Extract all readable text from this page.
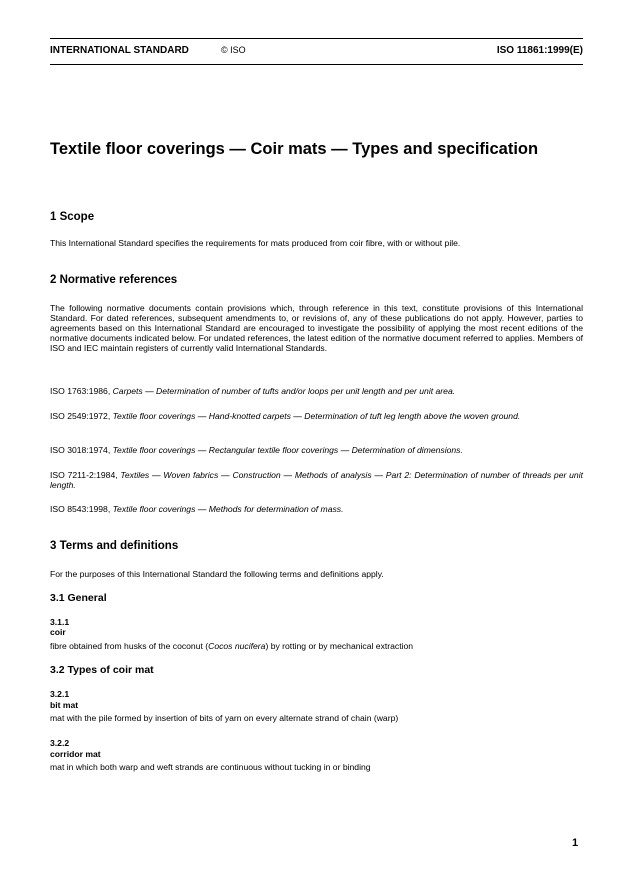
INTERNATIONAL STANDARD	© ISO	ISO 11861:1999(E)
Textile floor coverings — Coir mats — Types and specification
1 Scope
This International Standard specifies the requirements for mats produced from coir fibre, with or without pile.
2 Normative references
The following normative documents contain provisions which, through reference in this text, constitute provisions of this International Standard. For dated references, subsequent amendments to, or revisions of, any of these publications do not apply. However, parties to agreements based on this International Standard are encouraged to investigate the possibility of applying the most recent editions of the normative documents indicated below. For undated references, the latest edition of the normative document referred to applies. Members of ISO and IEC maintain registers of currently valid International Standards.
ISO 1763:1986, Carpets — Determination of number of tufts and/or loops per unit length and per unit area.
ISO 2549:1972, Textile floor coverings — Hand-knotted carpets — Determination of tuft leg length above the woven ground.
ISO 3018:1974, Textile floor coverings — Rectangular textile floor coverings — Determination of dimensions.
ISO 7211-2:1984, Textiles — Woven fabrics — Construction — Methods of analysis — Part 2: Determination of number of threads per unit length.
ISO 8543:1998, Textile floor coverings — Methods for determination of mass.
3 Terms and definitions
For the purposes of this International Standard the following terms and definitions apply.
3.1 General
3.1.1
coir
fibre obtained from husks of the coconut (Cocos nucifera) by rotting or by mechanical extraction
3.2 Types of coir mat
3.2.1
bit mat
mat with the pile formed by insertion of bits of yarn on every alternate strand of chain (warp)
3.2.2
corridor mat
mat in which both warp and weft strands are continuous without tucking in or binding
1
